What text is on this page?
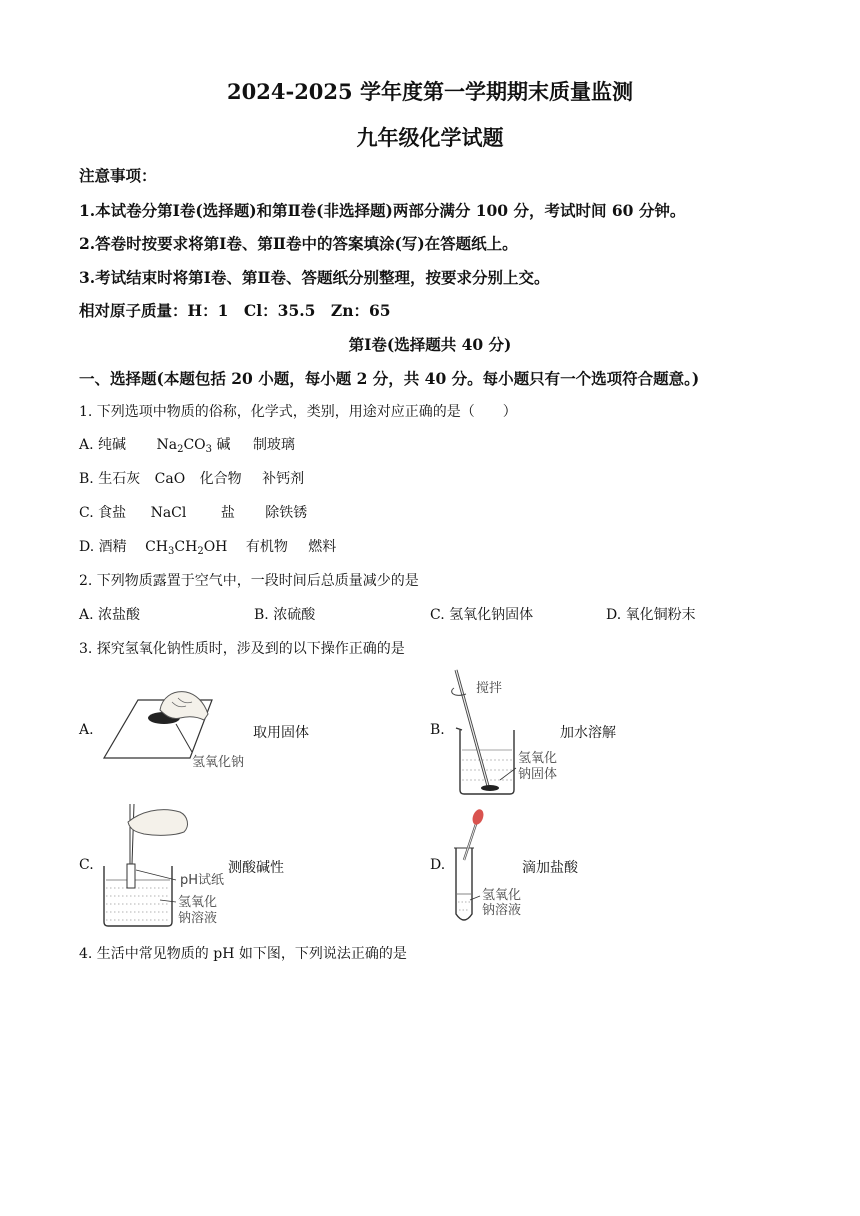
2024-2025 学年度第一学期期末质量监测
九年级化学试题
注意事项：
1.本试卷分第Ⅰ卷(选择题)和第Ⅱ卷(非选择题)两部分满分 100 分，考试时间 60 分钟。
2.答卷时按要求将第Ⅰ卷、第Ⅱ卷中的答案填涂(写)在答题纸上。
3.考试结束时将第Ⅰ卷、第Ⅱ卷、答题纸分别整理，按要求分别上交。
相对原子质量：H：1　Cl：35.5　Zn：65
第Ⅰ卷(选择题共 40 分)
一、选择题(本题包括 20 小题，每小题 2 分，共 40 分。每小题只有一个选项符合题意。)
1. 下列选项中物质的俗称，化学式，类别，用途对应正确的是（　　）
A. 纯碱 $Na_2CO_3$ 碱 制玻璃
B. 生石灰 CaO 化合物 补钙剂
C. 食盐 NaCl 盐 除铁锈
D. 酒精 $CH_3CH_2OH$ 有机物 燃料
2. 下列物质露置于空气中，一段时间后总质量减少的是
A. 浓盐酸	B. 浓硫酸	C. 氢氧化钠固体	D. 氧化铜粉末
3. 探究氢氧化钠性质时，涉及到的以下操作正确的是
A.	取用固体
氢氧化钠
B.	加水溶解
搅拌
氢氧化
钠固体
C.	测酸碱性
pH试纸
氢氧化
钠溶液
D.	滴加盐酸
氢氧化
钠溶液
4. 生活中常见物质的 pH 如下图，下列说法正确的是
